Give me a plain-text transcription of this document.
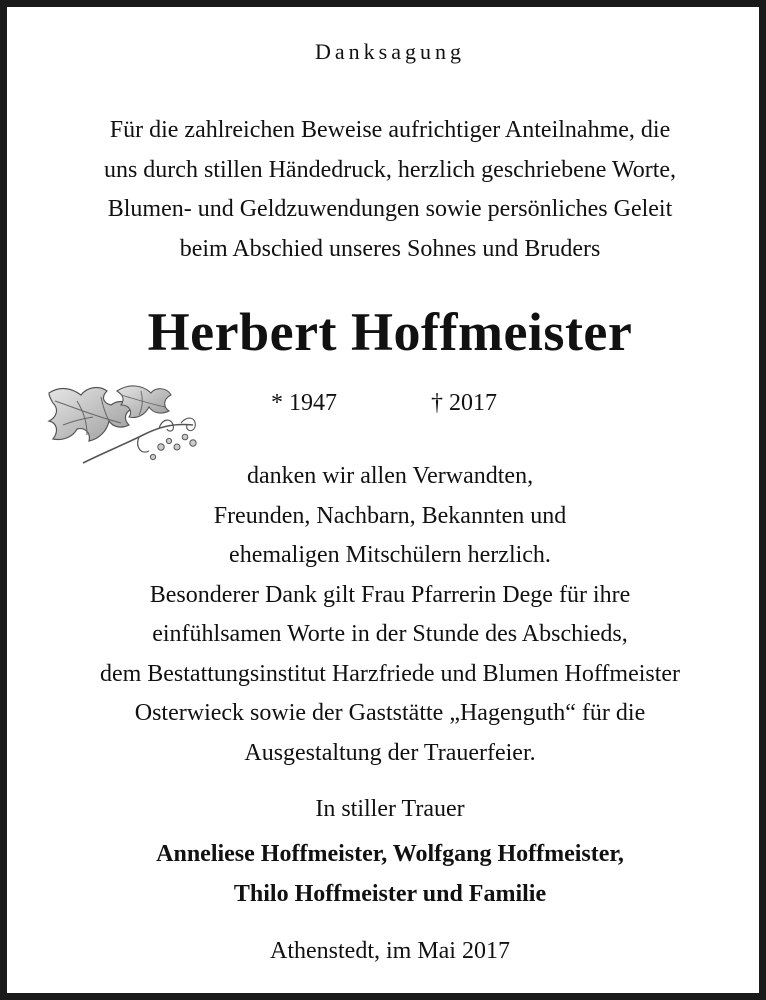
Danksagung
Für die zahlreichen Beweise aufrichtiger Anteilnahme, die
uns durch stillen Händedruck, herzlich geschriebene Worte,
Blumen- und Geldzuwendungen sowie persönliches Geleit
beim Abschied unseres Sohnes und Bruders
Herbert Hoffmeister
* 1947	† 2017
danken wir allen Verwandten,
Freunden, Nachbarn, Bekannten und
ehemaligen Mitschülern herzlich.
Besonderer Dank gilt Frau Pfarrerin Dege für ihre
einfühlsamen Worte in der Stunde des Abschieds,
dem Bestattungsinstitut Harzfriede und Blumen Hoffmeister
Osterwieck sowie der Gaststätte „Hagenguth“ für die
Ausgestaltung der Trauerfeier.
In stiller Trauer
Anneliese Hoffmeister, Wolfgang Hoffmeister,
Thilo Hoffmeister und Familie
Athenstedt, im Mai 2017
